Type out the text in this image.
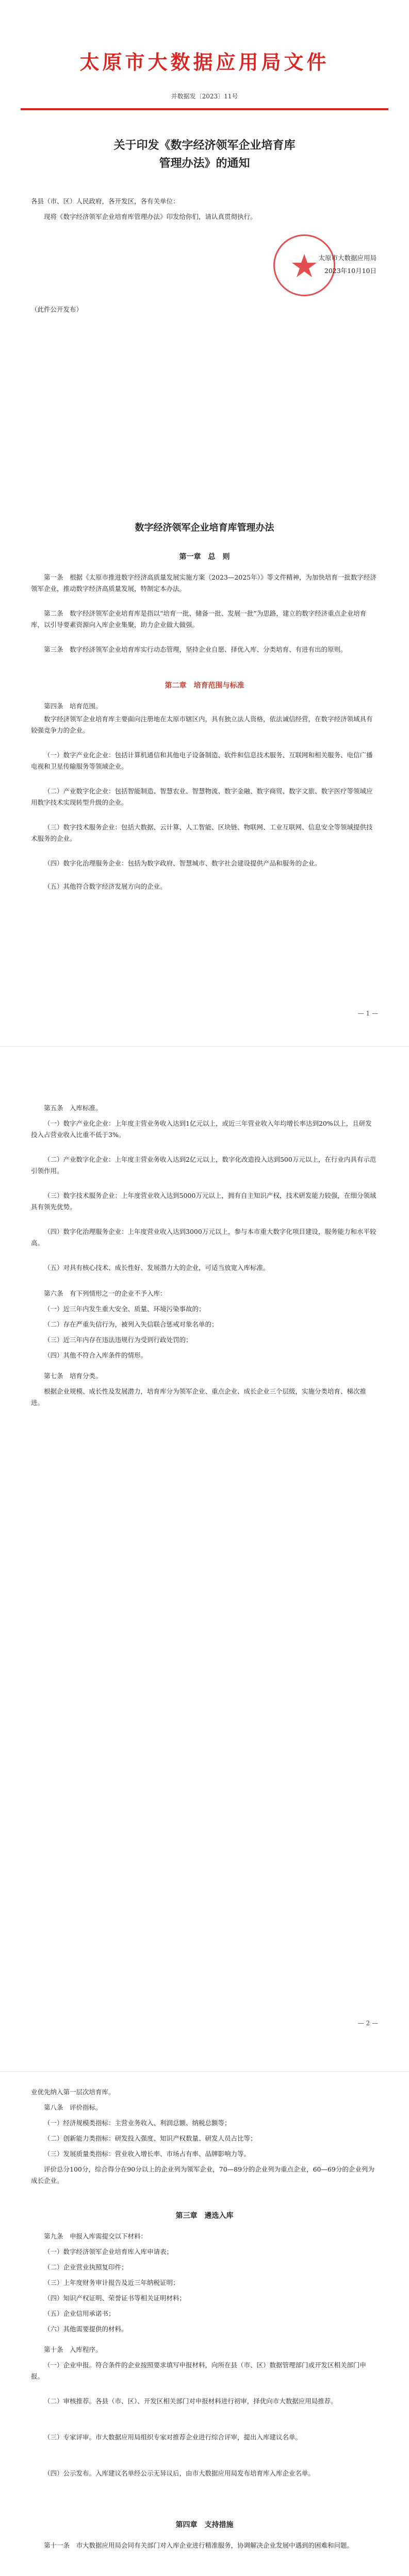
太原市大数据应用局文件
并数据发〔2023〕11号
关于印发《数字经济领军企业培育库
管理办法》的通知

各县（市、区）人民政府，各开发区，各有关单位：

现将《数字经济领军企业培育库管理办法》印发给你们，请认真贯彻执行。

太原市大数据应用局

2023年10月10日

（此件公开发布）

数字经济领军企业培育库管理办法
第一章　总　则

第一条　根据《太原市推进数字经济高质量发展实施方案（2023—2025年）》等文件精神，为加快培育一批数字经济领军企业，推动数字经济高质量发展，特制定本办法。

第二条　数字经济领军企业培育库是指以“培育一批、储备一批、发展一批”为思路，建立的数字经济重点企业培育库，以引导要素资源向入库企业集聚，助力企业做大做强。

第三条　数字经济领军企业培育库实行动态管理，坚持企业自愿、择优入库、分类培育、有进有出的原则。

第二章　培育范围与标准

第四条　培育范围。

数字经济领军企业培育库主要面向注册地在太原市辖区内，具有独立法人资格，依法诚信经营，在数字经济领域具有较强竞争力的企业。

（一）数字产业化企业：包括计算机通信和其他电子设备制造、软件和信息技术服务、互联网和相关服务、电信广播电视和卫星传输服务等领域企业。

（二）产业数字化企业：包括智能制造、智慧农业、智慧物流、数字金融、数字商贸、数字文旅、数字医疗等领域应用数字技术实现转型升级的企业。

（三）数字技术服务企业：包括大数据、云计算、人工智能、区块链、物联网、工业互联网、信息安全等领域提供技术服务的企业。

（四）数字化治理服务企业：包括为数字政府、智慧城市、数字社会建设提供产品和服务的企业。

（五）其他符合数字经济发展方向的企业。

— 1 —

第五条　入库标准。

（一）数字产业化企业：上年度主营业务收入达到1亿元以上，或近三年营业收入年均增长率达到20%以上，且研发投入占营业收入比重不低于3%。

（二）产业数字化企业：上年度主营业务收入达到2亿元以上，数字化改造投入达到500万元以上，在行业内具有示范引领作用。

（三）数字技术服务企业：上年度营业收入达到5000万元以上，拥有自主知识产权，技术研发能力较强，在细分领域具有领先优势。

（四）数字化治理服务企业：上年度营业收入达到3000万元以上，参与本市重大数字化项目建设，服务能力和水平较高。

（五）对具有核心技术、成长性好、发展潜力大的企业，可适当放宽入库标准。

第六条　有下列情形之一的企业不予入库：

（一）近三年内发生重大安全、质量、环境污染事故的；

（二）存在严重失信行为，被列入失信联合惩戒对象名单的；

（三）近三年内存在违法违规行为受到行政处罚的；

（四）其他不符合入库条件的情形。

第七条　培育分类。

根据企业规模、成长性及发展潜力，培育库分为领军企业、重点企业、成长企业三个层级，实施分类培育、梯次推进。

— 2 —

业优先纳入第一层次培育库。

第八条　评价指标。

（一）经济规模类指标：主营业务收入、利润总额、纳税总额等；

（二）创新能力类指标：研发投入强度、知识产权数量、研发人员占比等；

（三）发展质量类指标：营业收入增长率、市场占有率、品牌影响力等。

评价总分100分，综合得分在90分以上的企业列为领军企业，70—89分的企业列为重点企业，60—69分的企业列为成长企业。

第三章　遴选入库

第九条　申报入库需提交以下材料：

（一）数字经济领军企业培育库入库申请表；

（二）企业营业执照复印件；

（三）上年度财务审计报告及近三年纳税证明；

（四）知识产权证明、荣誉证书等相关证明材料；

（五）企业信用承诺书；

（六）其他需要提供的材料。

第十条　入库程序。

（一）企业申报。符合条件的企业按照要求填写申报材料，向所在县（市、区）数据管理部门或开发区相关部门申报。

（二）审核推荐。各县（市、区）、开发区相关部门对申报材料进行初审，择优向市大数据应用局推荐。

（三）专家评审。市大数据应用局组织专家对推荐企业进行综合评审，提出入库建议名单。

（四）公示发布。入库建议名单经公示无异议后，由市大数据应用局发布培育库入库企业名单。

第四章　支持措施

第十一条　市大数据应用局会同有关部门对入库企业进行精准服务，协调解决企业发展中遇到的困难和问题。
